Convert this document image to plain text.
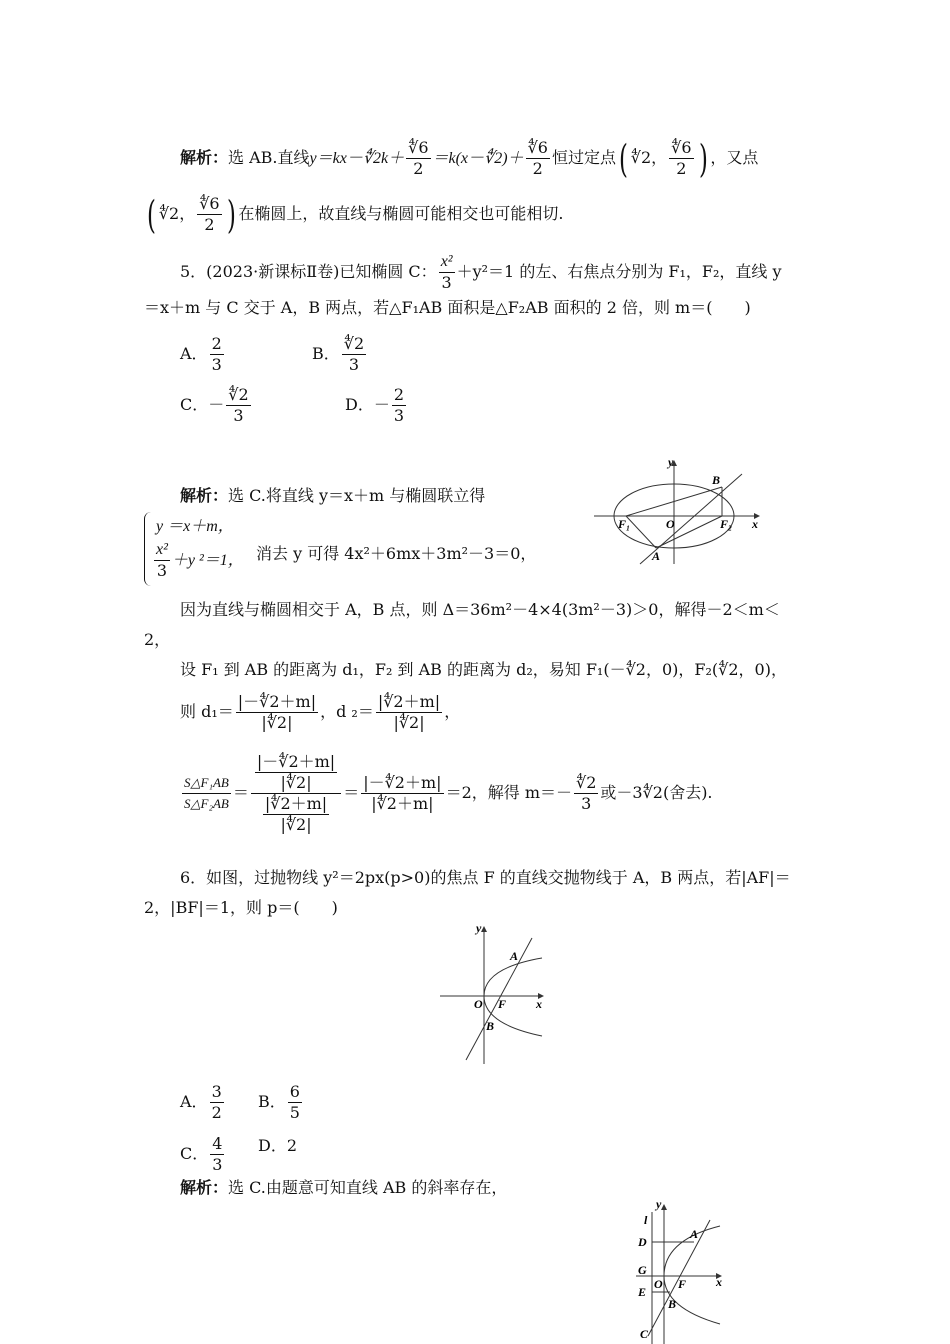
解析：选 AB.直线y＝kx－∜2k＋ $\frac{∜6}{2}$ ＝k(x－∜2)＋ $\frac{∜6}{2}$ 恒过定点( ∜2， $\frac{∜6}{2}$ ) ，又点
( ∜2， $\frac{∜6}{2}$ ) 在椭圆上，故直线与椭圆可能相交也可能相切.
5．(2023·新课标Ⅱ卷)已知椭圆 C： $\frac{\text{x²}}{3} +y^2=1$ 的左、右焦点分别为 F₁，F₂，直线 y
＝x＋m 与 C 交于 A，B 两点，若△F₁AB 面积是△F₂AB 面积的 2 倍，则 m＝(　　)
A． $\frac{2}{3}$	B． $\frac{∜2}{3}$
C．－ $\frac{∜2}{3}$	D．－ $\frac{2}{3}$
y
B
F₁	O	F₂ x
A
解析：选 C.将直线 y＝x＋m 与椭圆联立得
y ＝x＋m，
$\frac{\text{x²}}{3} +y$ ²＝1， 消去 y 可得 4x²＋6mx＋3m²－3＝0，
因为直线与椭圆相交于 A，B 点，则 Δ＝36m²－4×4(3m²－3)＞0，解得－2＜m＜
2，
设 F₁ 到 AB 的距离为 d₁，F₂ 到 AB 的距离为 d₂，易知 F₁(－∜2，0)，F₂(∜2，0)，
则 $d_1= \frac{|-∜2+m|}{|∜2|}$ ，d $_2= \frac{|∜2+m|}{|∜2|}$ ，
$\frac{\text{S△F₁AB}}{\text{S△F₂AB}} = \frac{\frac{|-∜2+m|}{|∜2|}}{\frac{|∜2+m|}{|∜2|}} = \frac{|-∜2+m|}{|∜2+m|} =2$，解得 $m=- \frac{∜2}{3}$ 或－3∜2(舍去).
6．如图，过抛物线 y²＝2px(p>0)的焦点 F 的直线交抛物线于 A，B 两点，若|AF|＝
2，|BF|＝1，则 p＝(　　)
y
A
O F x
B
A． $\frac{3}{2}$ B． $\frac{6}{5}$
C． $\frac{4}{3}$ D．2
解析：选 C.由题意可知直线 AB 的斜率存在，
y
l
D
A
G
O F x
E
B
C
